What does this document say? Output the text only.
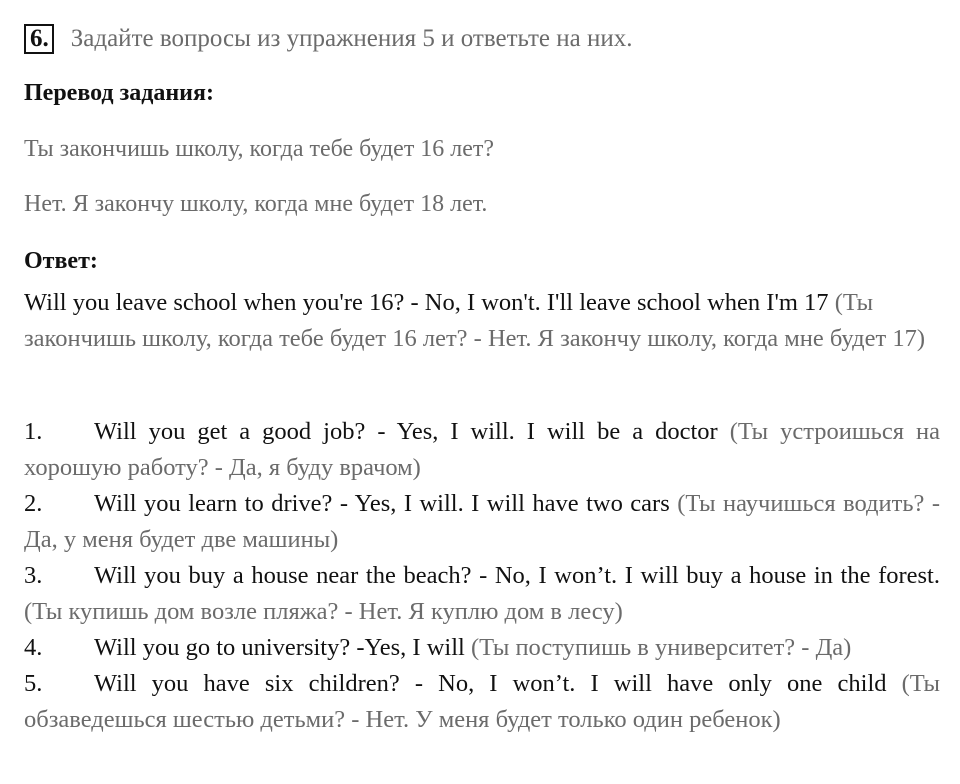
6. Задайте вопросы из упражнения 5 и ответьте на них.
Перевод задания:
Ты закончишь школу, когда тебе будет 16 лет?
Нет. Я закончу школу, когда мне будет 18 лет.
Ответ:
Will you leave school when you're 16? - No, I won't. I'll leave school when I'm 17 (Ты закончишь школу, когда тебе будет 16 лет? - Нет. Я закончу школу, когда мне будет 17)

1. Will you get a good job? - Yes, I will. I will be a doctor (Ты устроишься на хорошую работу? - Да, я буду врачом)

2. Will you learn to drive? - Yes, I will. I will have two cars (Ты научишься водить? - Да, у меня будет две машины)

3. Will you buy a house near the beach? - No, I won’t. I will buy a house in the forest. (Ты купишь дом возле пляжа? - Нет. Я куплю дом в лесу)

4. Will you go to university? -Yes, I will (Ты поступишь в университет? - Да)

5. Will you have six children? - No, I won’t. I will have only one child (Ты обзаведешься шестью детьми? - Нет. У меня будет только один ребенок)
